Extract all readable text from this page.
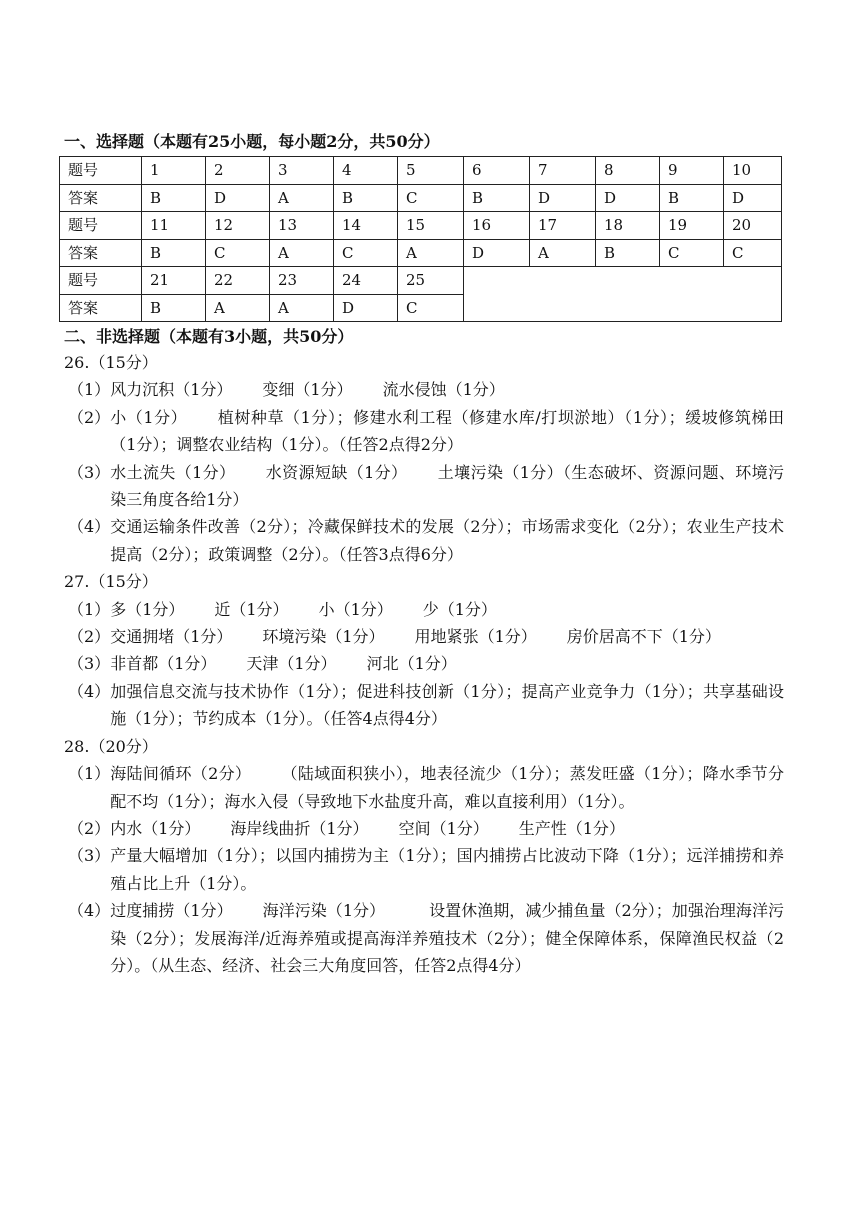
一、选择题（本题有25小题，每小题2分，共50分）
题号	1	2	3	4	5	6	7	8	9	10
答案	B	D	A	B	C	B	D	D	B	D
题号	11	12	13	14	15	16	17	18	19	20
答案	B	C	A	C	A	D	A	B	C	C
题号	21	22	23	24	25					
答案	B	A	A	D	C					
二、非选择题（本题有3小题，共50分）
26.（15分）
（1） 风力沉积（1分） 变细（1分） 流水侵蚀（1分）
（2） 小（1分） 植树种草（1分）；修建水利工程（修建水库/打坝淤地）（1分）；缓坡修筑梯田（1分）；调整农业结构（1分）。（任答2点得2分）
（3） 水土流失（1分） 水资源短缺（1分） 土壤污染（1分）（生态破坏、资源问题、环境污染三角度各给1分）
（4） 交通运输条件改善（2分）；冷藏保鲜技术的发展（2分）；市场需求变化（2分）；农业生产技术提高（2分）；政策调整（2分）。（任答3点得6分）
27.（15分）
（1） 多（1分） 近（1分） 小（1分） 少（1分）
（2） 交通拥堵（1分） 环境污染（1分） 用地紧张（1分） 房价居高不下（1分）
（3） 非首都（1分） 天津（1分） 河北（1分）
（4） 加强信息交流与技术协作（1分）；促进科技创新（1分）；提高产业竞争力（1分）；共享基础设施（1分）；节约成本（1分）。（任答4点得4分）
28.（20分）
（1） 海陆间循环（2分） （陆域面积狭小），地表径流少（1分）；蒸发旺盛（1分）；降水季节分配不均（1分）；海水入侵（导致地下水盐度升高，难以直接利用）（1分）。
（2） 内水（1分） 海岸线曲折（1分） 空间（1分） 生产性（1分）
（3） 产量大幅增加（1分）；以国内捕捞为主（1分）；国内捕捞占比波动下降（1分）；远洋捕捞和养殖占比上升（1分）。
（4） 过度捕捞（1分） 海洋污染（1分）	设置休渔期，减少捕鱼量（2分）；加强治理海洋污染（2分）；发展海洋/近海养殖或提高海洋养殖技术（2分）；健全保障体系，保障渔民权益（2分）。（从生态、经济、社会三大角度回答，任答2点得4分）
